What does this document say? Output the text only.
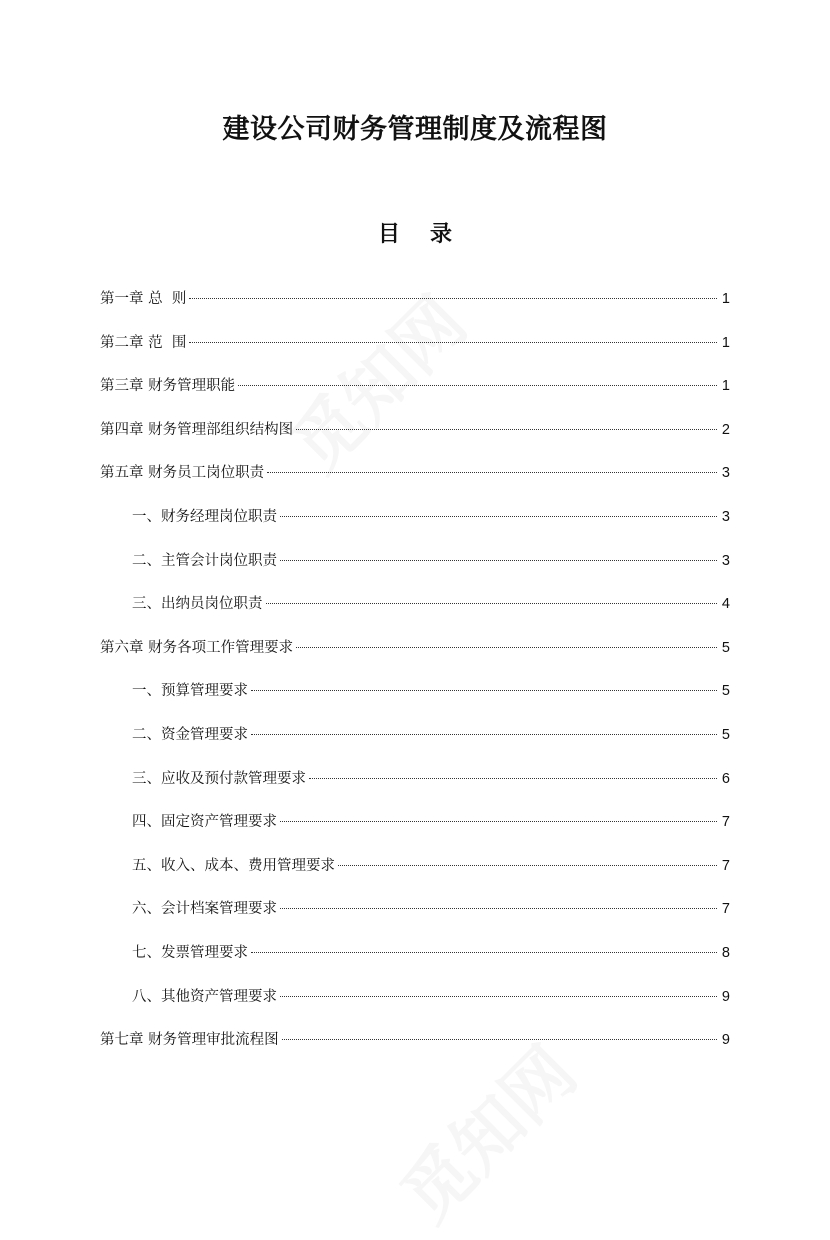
建设公司财务管理制度及流程图
目录
第一章 总  则	1
第二章 范  围	1
第三章 财务管理职能	1
第四章 财务管理部组织结构图	2
第五章 财务员工岗位职责	3
一、财务经理岗位职责	3
二、主管会计岗位职责	3
三、出纳员岗位职责	4
第六章 财务各项工作管理要求	5
一、预算管理要求	5
二、资金管理要求	5
三、应收及预付款管理要求	6
四、固定资产管理要求	7
五、收入、成本、费用管理要求	7
六、会计档案管理要求	7
七、发票管理要求	8
八、其他资产管理要求	9
第七章 财务管理审批流程图	9
